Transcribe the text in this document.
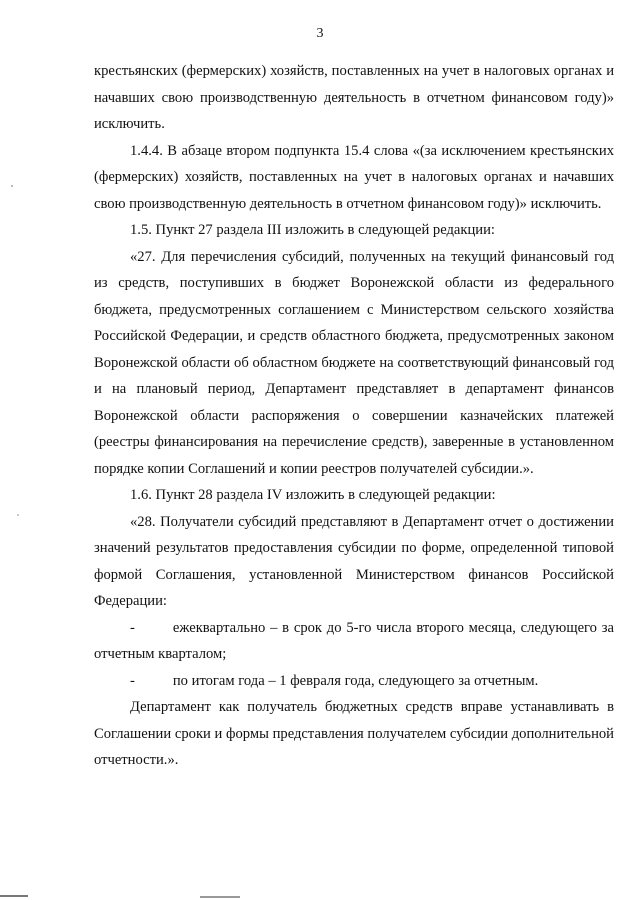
3

крестьянских (фермерских) хозяйств, поставленных на учет в налоговых органах и начавших свою производственную деятельность в отчетном финансовом году)» исключить.

1.4.4. В абзаце втором подпункта 15.4 слова «(за исключением крестьянских (фермерских) хозяйств, поставленных на учет в налоговых органах и начавших свою производственную деятельность в отчетном финансовом году)» исключить.

1.5. Пункт 27 раздела III изложить в следующей редакции:

«27. Для перечисления субсидий, полученных на текущий финансовый год из средств, поступивших в бюджет Воронежской области из федерального бюджета, предусмотренных соглашением с Министерством сельского хозяйства Российской Федерации, и средств областного бюджета, предусмотренных законом Воронежской области об областном бюджете на соответствующий финансовый год и на плановый период, Департамент представляет в департамент финансов Воронежской области распоряжения о совершении казначейских платежей (реестры финансирования на перечисление средств), заверенные в установленном порядке копии Соглашений и копии реестров получателей субсидии.».

1.6. Пункт 28 раздела IV изложить в следующей редакции:

«28. Получатели субсидий представляют в Департамент отчет о достижении значений результатов предоставления субсидии по форме, определенной типовой формой Соглашения, установленной Министерством финансов Российской Федерации:

-	ежеквартально – в срок до 5-го числа второго месяца, следующего за отчетным кварталом;

-	по итогам года – 1 февраля года, следующего за отчетным.

Департамент как получатель бюджетных средств вправе устанавливать в Соглашении сроки и формы представления получателем субсидии дополнительной отчетности.».
